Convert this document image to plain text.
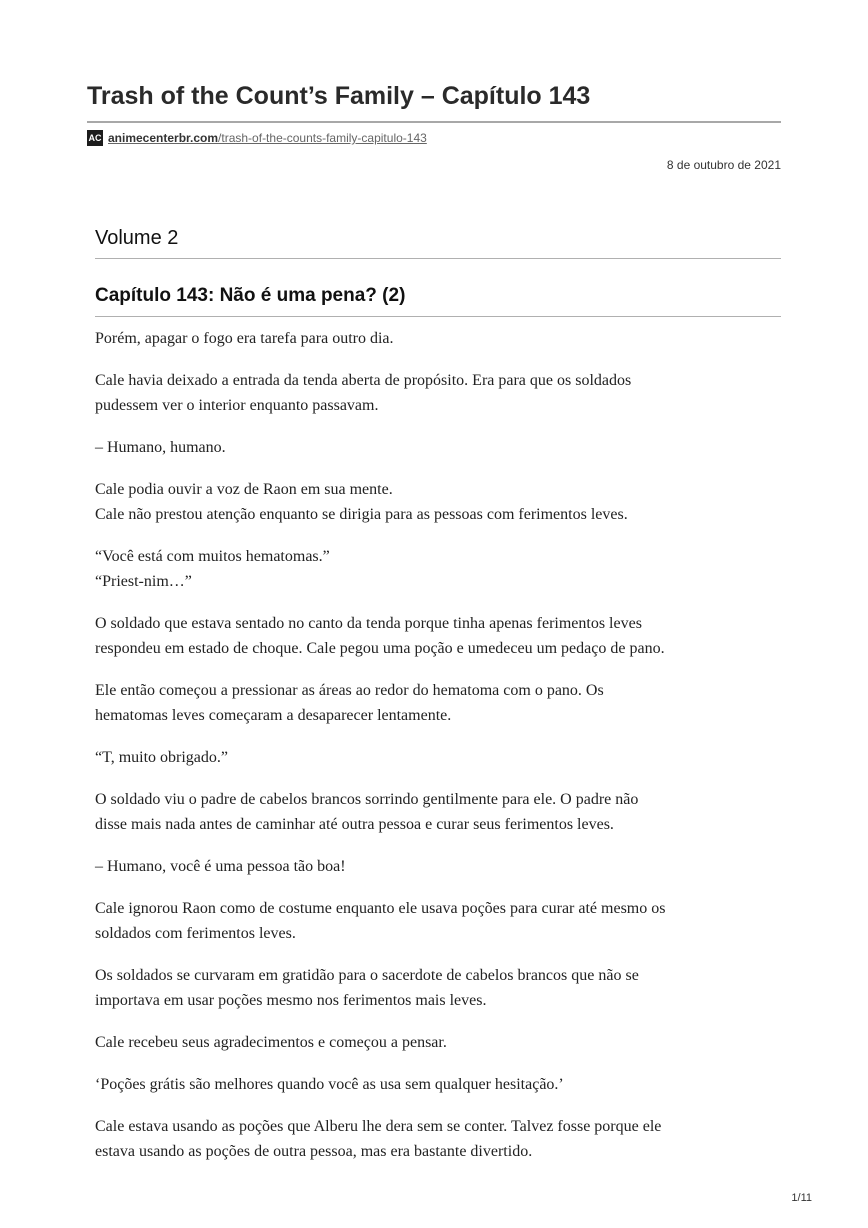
Trash of the Count’s Family – Capítulo 143
AC animecenterbr.com/trash-of-the-counts-family-capitulo-143
8 de outubro de 2021
Volume 2
Capítulo 143: Não é uma pena? (2)

Porém, apagar o fogo era tarefa para outro dia.

Cale havia deixado a entrada da tenda aberta de propósito. Era para que os soldados
pudessem ver o interior enquanto passavam.

– Humano, humano.

Cale podia ouvir a voz de Raon em sua mente.
Cale não prestou atenção enquanto se dirigia para as pessoas com ferimentos leves.

“Você está com muitos hematomas.”
“Priest-nim…”

O soldado que estava sentado no canto da tenda porque tinha apenas ferimentos leves
respondeu em estado de choque. Cale pegou uma poção e umedeceu um pedaço de pano.

Ele então começou a pressionar as áreas ao redor do hematoma com o pano. Os
hematomas leves começaram a desaparecer lentamente.

“T, muito obrigado.”

O soldado viu o padre de cabelos brancos sorrindo gentilmente para ele. O padre não
disse mais nada antes de caminhar até outra pessoa e curar seus ferimentos leves.

– Humano, você é uma pessoa tão boa!

Cale ignorou Raon como de costume enquanto ele usava poções para curar até mesmo os
soldados com ferimentos leves.

Os soldados se curvaram em gratidão para o sacerdote de cabelos brancos que não se
importava em usar poções mesmo nos ferimentos mais leves.

Cale recebeu seus agradecimentos e começou a pensar.

‘Poções grátis são melhores quando você as usa sem qualquer hesitação.’

Cale estava usando as poções que Alberu lhe dera sem se conter. Talvez fosse porque ele
estava usando as poções de outra pessoa, mas era bastante divertido.

1/11
